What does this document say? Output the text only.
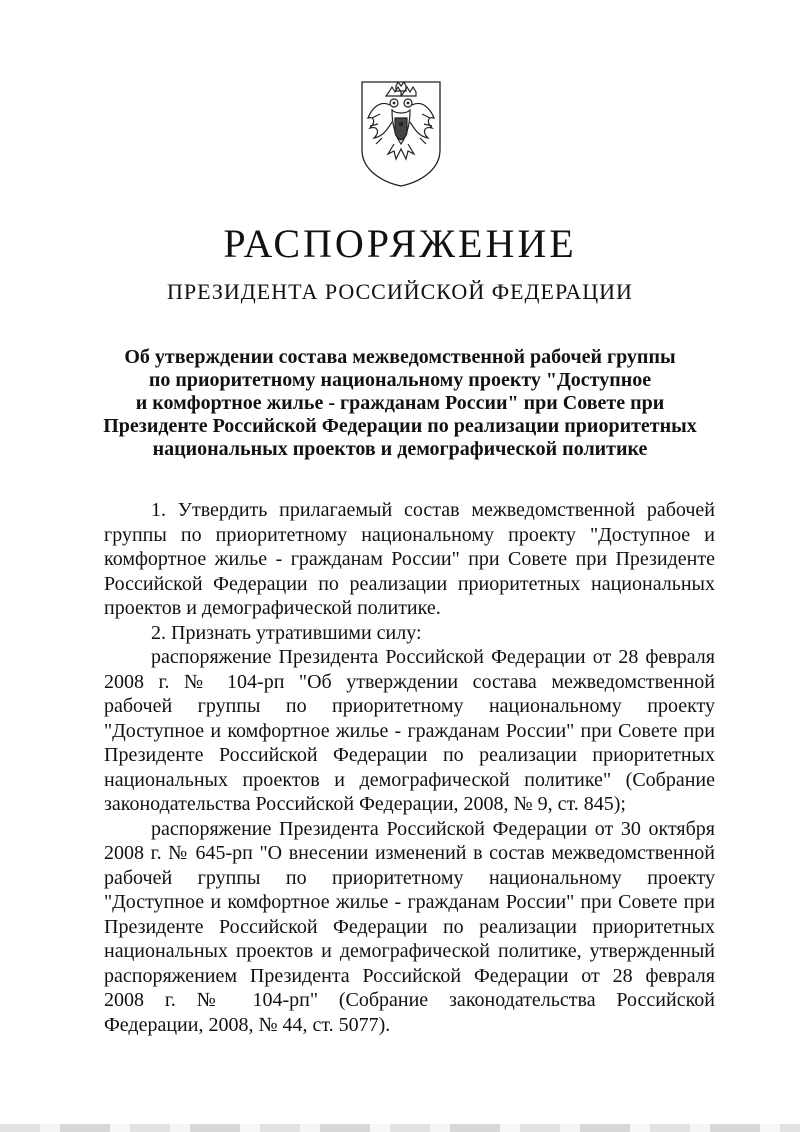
РАСПОРЯЖЕНИЕ
ПРЕЗИДЕНТА РОССИЙСКОЙ ФЕДЕРАЦИИ
Об утверждении состава межведомственной рабочей группы
по приоритетному национальному проекту "Доступное
и комфортное жилье - гражданам России" при Совете при
Президенте Российской Федерации по реализации приоритетных
национальных проектов и демографической политике
1. Утвердить прилагаемый состав межведомственной рабочей
группы по приоритетному национальному проекту "Доступное и
комфортное жилье - гражданам России" при Совете при Президенте
Российской Федерации по реализации приоритетных национальных
проектов и демографической политике.
2. Признать утратившими силу:
распоряжение Президента Российской Федерации от 28 февраля
2008 г. № 104-рп "Об утверждении состава межведомственной
рабочей группы по приоритетному национальному проекту
"Доступное и комфортное жилье - гражданам России" при Совете при
Президенте Российской Федерации по реализации приоритетных
национальных проектов и демографической политике" (Собрание
законодательства Российской Федерации, 2008, № 9, ст. 845);
распоряжение Президента Российской Федерации от 30 октября
2008 г. № 645-рп "О внесении изменений в состав межведомственной
рабочей группы по приоритетному национальному проекту
"Доступное и комфортное жилье - гражданам России" при Совете при
Президенте Российской Федерации по реализации приоритетных
национальных проектов и демографической политике, утвержденный
распоряжением Президента Российской Федерации от 28 февраля
2008 г. № 104-рп" (Собрание законодательства Российской
Федерации, 2008, № 44, ст. 5077).
